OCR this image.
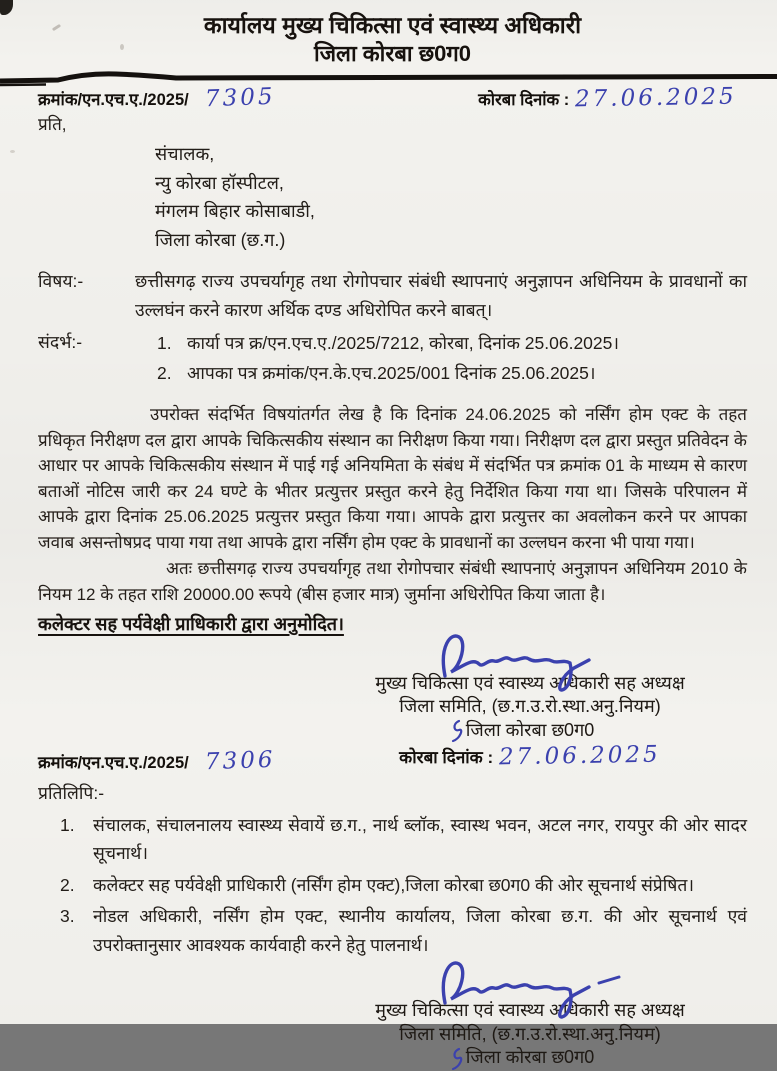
कार्यालय मुख्य चिकित्सा एवं स्वास्थ्य अधिकारी
जिला कोरबा छ0ग0
क्रमांक/एन.एच.ए./2025/ 7305	कोरबा दिनांक : 27.06.2025
प्रति,
संचालक,
न्यु कोरबा हॉस्पीटल,
मंगलम बिहार कोसाबाडी,
जिला कोरबा (छ.ग.)
विषय:-	छत्तीसगढ़ राज्य उपचर्यागृह तथा रोगोपचार संबंधी स्थापनाएं अनुज्ञापन अधिनियम के प्रावधानों का उल्लघंन करने कारण अर्थिक दण्ड अधिरोपित करने बाबत्।
संदर्भ:-	1. कार्या पत्र क्र/एन.एच.ए./2025/7212, कोरबा, दिनांक 25.06.2025।
2. आपका पत्र क्रमांक/एन.के.एच.2025/001 दिनांक 25.06.2025।
उपरोक्त संदर्भित विषयांतर्गत लेख है कि दिनांक 24.06.2025 को नर्सिंग होम एक्ट के तहत प्रधिकृत निरीक्षण दल द्वारा आपके चिकित्सकीय संस्थान का निरीक्षण किया गया। निरीक्षण दल द्वारा प्रस्तुत प्रतिवेदन के आधार पर आपके चिकित्सकीय संस्थान में पाई गई अनियमिता के संबंध में संदर्भित पत्र क्रमांक 01 के माध्यम से कारण बताओं नोटिस जारी कर 24 घण्टे के भीतर प्रत्युत्तर प्रस्तुत करने हेतु निर्देशित किया गया था। जिसके परिपालन में आपके द्वारा दिनांक 25.06.2025 प्रत्युत्तर प्रस्तुत किया गया। आपके द्वारा प्रत्युत्तर का अवलोकन करने पर आपका जवाब असन्तोषप्रद पाया गया तथा आपके द्वारा नर्सिंग होम एक्ट के प्रावधानों का उल्लघन करना भी पाया गया।
अतः छत्तीसगढ़ राज्य उपचर्यागृह तथा रोगोपचार संबंधी स्थापनाएं अनुज्ञापन अधिनियम 2010 के नियम 12 के तहत राशि 20000.00 रूपये (बीस हजार मात्र) जुर्माना अधिरोपित किया जाता है।
कलेक्टर सह पर्यवेक्षी प्राधिकारी द्वारा अनुमोदित।
मुख्य चिकित्सा एवं स्वास्थ्य अधिकारी सह अध्यक्ष
जिला समिति, (छ.ग.उ.रो.स्था.अनु.नियम)
जिला कोरबा छ0ग0
कोरबा दिनांक : 27.06.2025
क्रमांक/एन.एच.ए./2025/ 7306
प्रतिलिपि:-
1.	संचालक, संचालनालय स्वास्थ्य सेवायें छ.ग., नार्थ ब्लॉक, स्वास्थ भवन, अटल नगर, रायपुर की ओर सादर सूचनार्थ।
2.	कलेक्टर सह पर्यवेक्षी प्राधिकारी (नर्सिंग होम एक्ट),जिला कोरबा छ0ग0 की ओर सूचनार्थ संप्रेषित।
3.	नोडल अधिकारी, नर्सिंग होम एक्ट, स्थानीय कार्यालय, जिला कोरबा छ.ग. की ओर सूचनार्थ एवं उपरोक्तानुसार आवश्यक कार्यवाही करने हेतु पालनार्थ।
मुख्य चिकित्सा एवं स्वास्थ्य अधिकारी सह अध्यक्ष
जिला समिति, (छ.ग.उ.रो.स्था.अनु.नियम)
जिला कोरबा छ0ग0
